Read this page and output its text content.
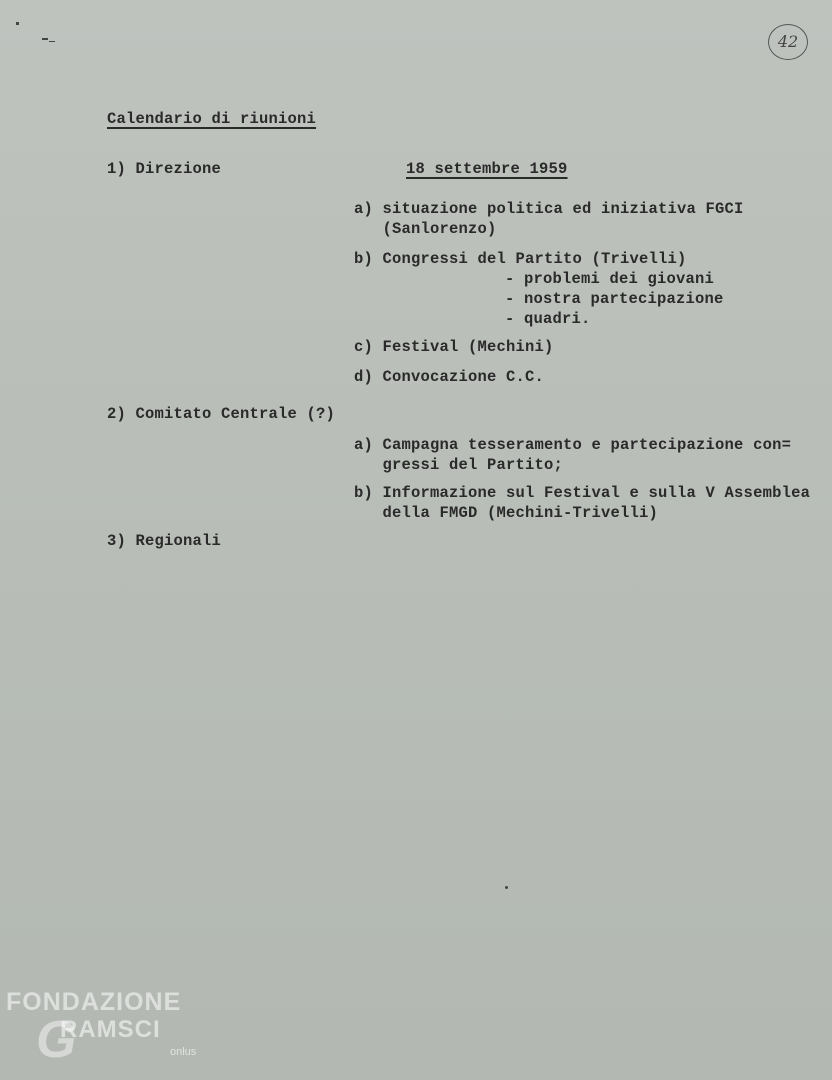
42
Calendario di riunioni
1) Direzione	18 settembre 1959
a) situazione politica ed iniziativa FGCI
(Sanlorenzo)
b) Congressi del Partito (Trivelli)
- problemi dei giovani
- nostra partecipazione
- quadri.
c) Festival (Mechini)
d) Convocazione C.C.
2) Comitato Centrale (?)
a) Campagna tesseramento e partecipazione con=
gressi del Partito;
b) Informazione sul Festival e sulla V Assemblea
della FMGD (Mechini-Trivelli)
3) Regionali
FONDAZIONE
G
RAMSCI
onlus
